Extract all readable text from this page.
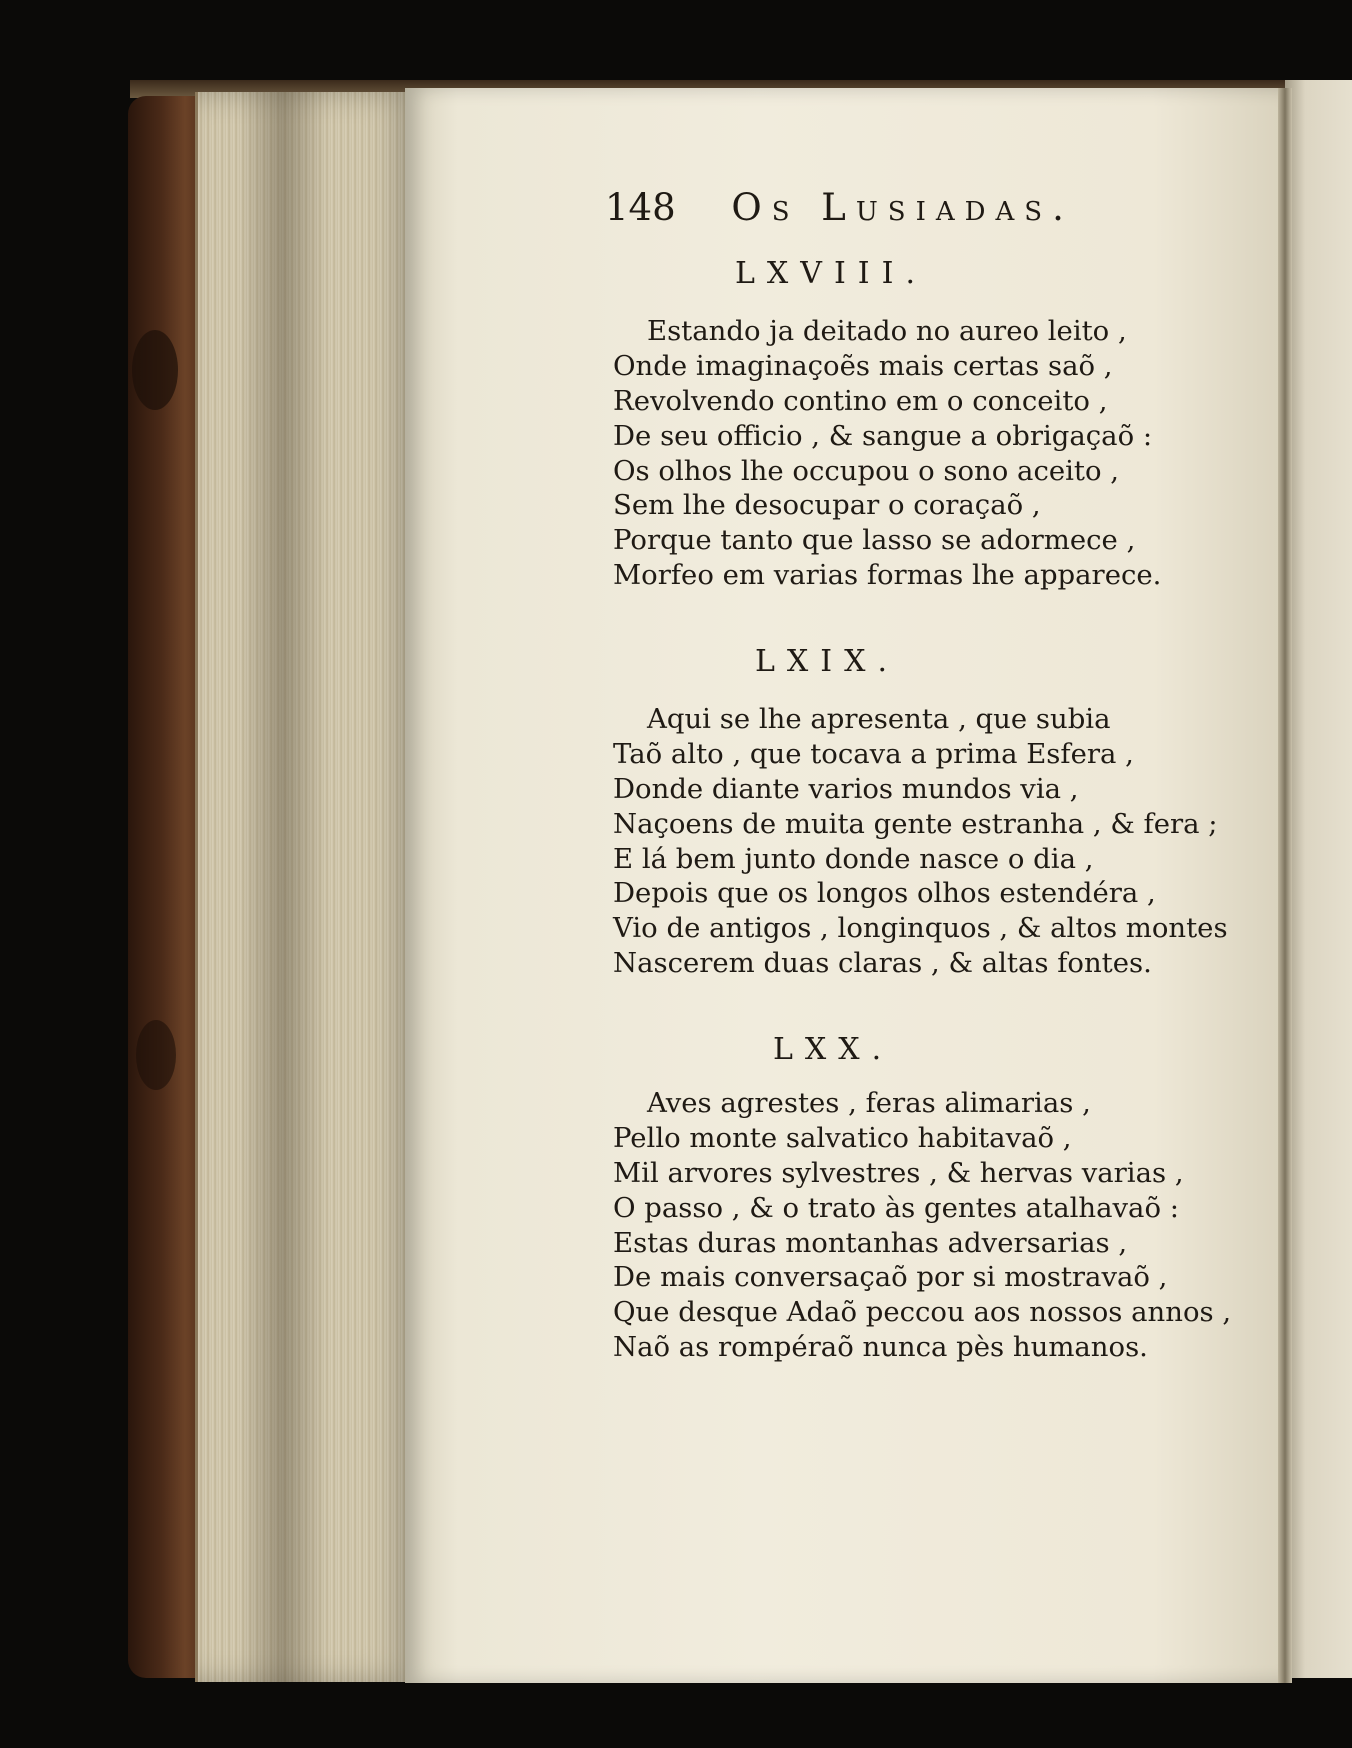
148 Os Lusiadas.
LXVIII.
Estando ja deitado no aureo leito ,
Onde imaginaçoẽs mais certas saõ ,
Revolvendo contino em o conceito ,
De seu officio , & sangue a obrigaçaõ :
Os olhos lhe occupou o sono aceito ,
Sem lhe desocupar o coraçaõ ,
Porque tanto que lasso se adormece ,
Morfeo em varias formas lhe apparece.
LXIX.
Aqui se lhe apresenta , que subia
Taõ alto , que tocava a prima Esfera ,
Donde diante varios mundos via ,
Naçoens de muita gente estranha , & fera ;
E lá bem junto donde nasce o dia ,
Depois que os longos olhos estendéra ,
Vio de antigos , longinquos , & altos montes
Nascerem duas claras , & altas fontes.
LXX.
Aves agrestes , feras alimarias ,
Pello monte salvatico habitavaõ ,
Mil arvores sylvestres , & hervas varias ,
O passo , & o trato às gentes atalhavaõ :
Estas duras montanhas adversarias ,
De mais conversaçaõ por si mostravaõ ,
Que desque Adaõ peccou aos nossos annos ,
Naõ as rompéraõ nunca pès humanos.
